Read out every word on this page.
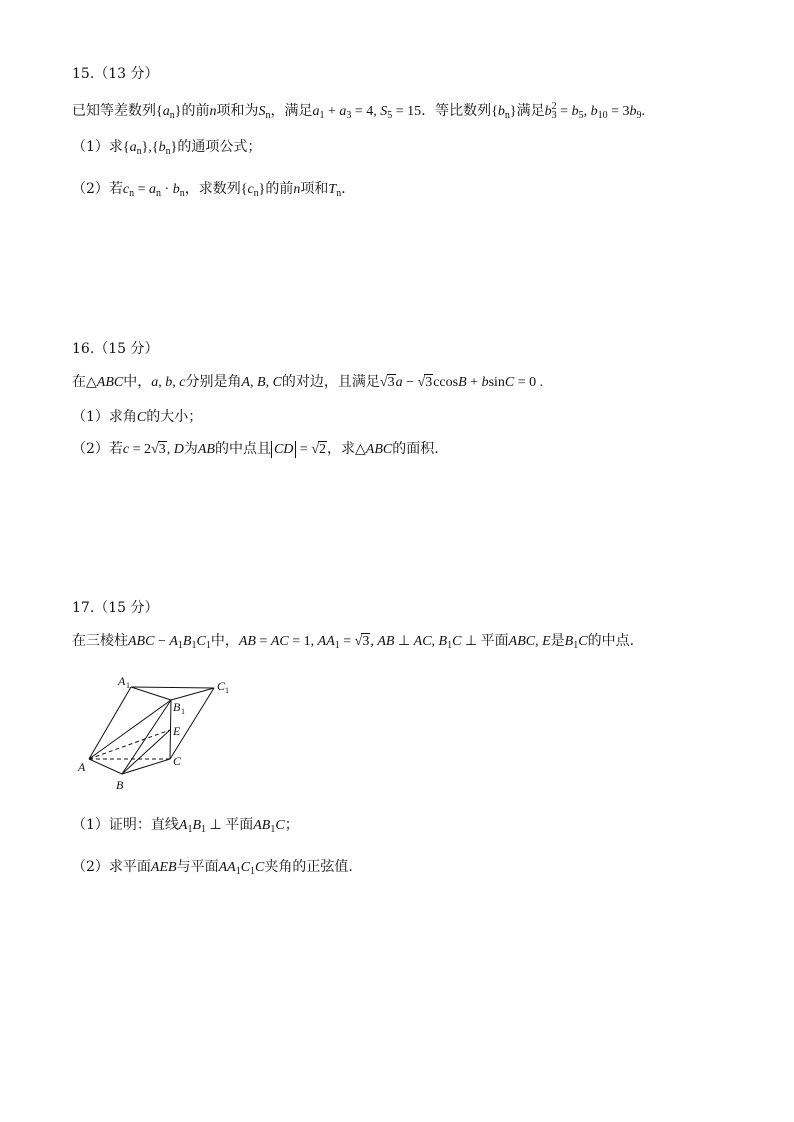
15.（13 分）
已知等差数列$\{a_n\}$的前n项和为$S_n$，满足$a_1 + a_3 = 4$, $S_5 = 15$．等比数列$\{b_n\}$满足$b^2_3 = b_5$, $b_{10} = 3b_9$.
（1）求$\{a_n\},\{b_n\}$的通项公式；
（2）若$c_n = a_n \cdot b_n$，求数列$\{c_n\}$的前n项和$T_n$．
16.（15 分）
在△ABC中，a, b, c分别是角A, B, C的对边，且满足√3a − √3ccosB + bsinC = 0 .
（1）求角C的大小；
（2）若c = 2√3, D为AB的中点且 CD = √2，求△ABC的面积.
17.（15 分）
在三棱柱ABC − $A_1B_1C_1$中，AB = AC = 1, $AA_1 = √3$, AB ⊥ AC, $B_1C$ ⊥ 平面ABC, E是$B_1C$的中点.
A 1	C 1
B 1
E
A	C
B
（1）证明：直线$A_1B_1$ ⊥ 平面$AB_1C$；
（2）求平面AEB与平面$AA_1C_1C$夹角的正弦值.
